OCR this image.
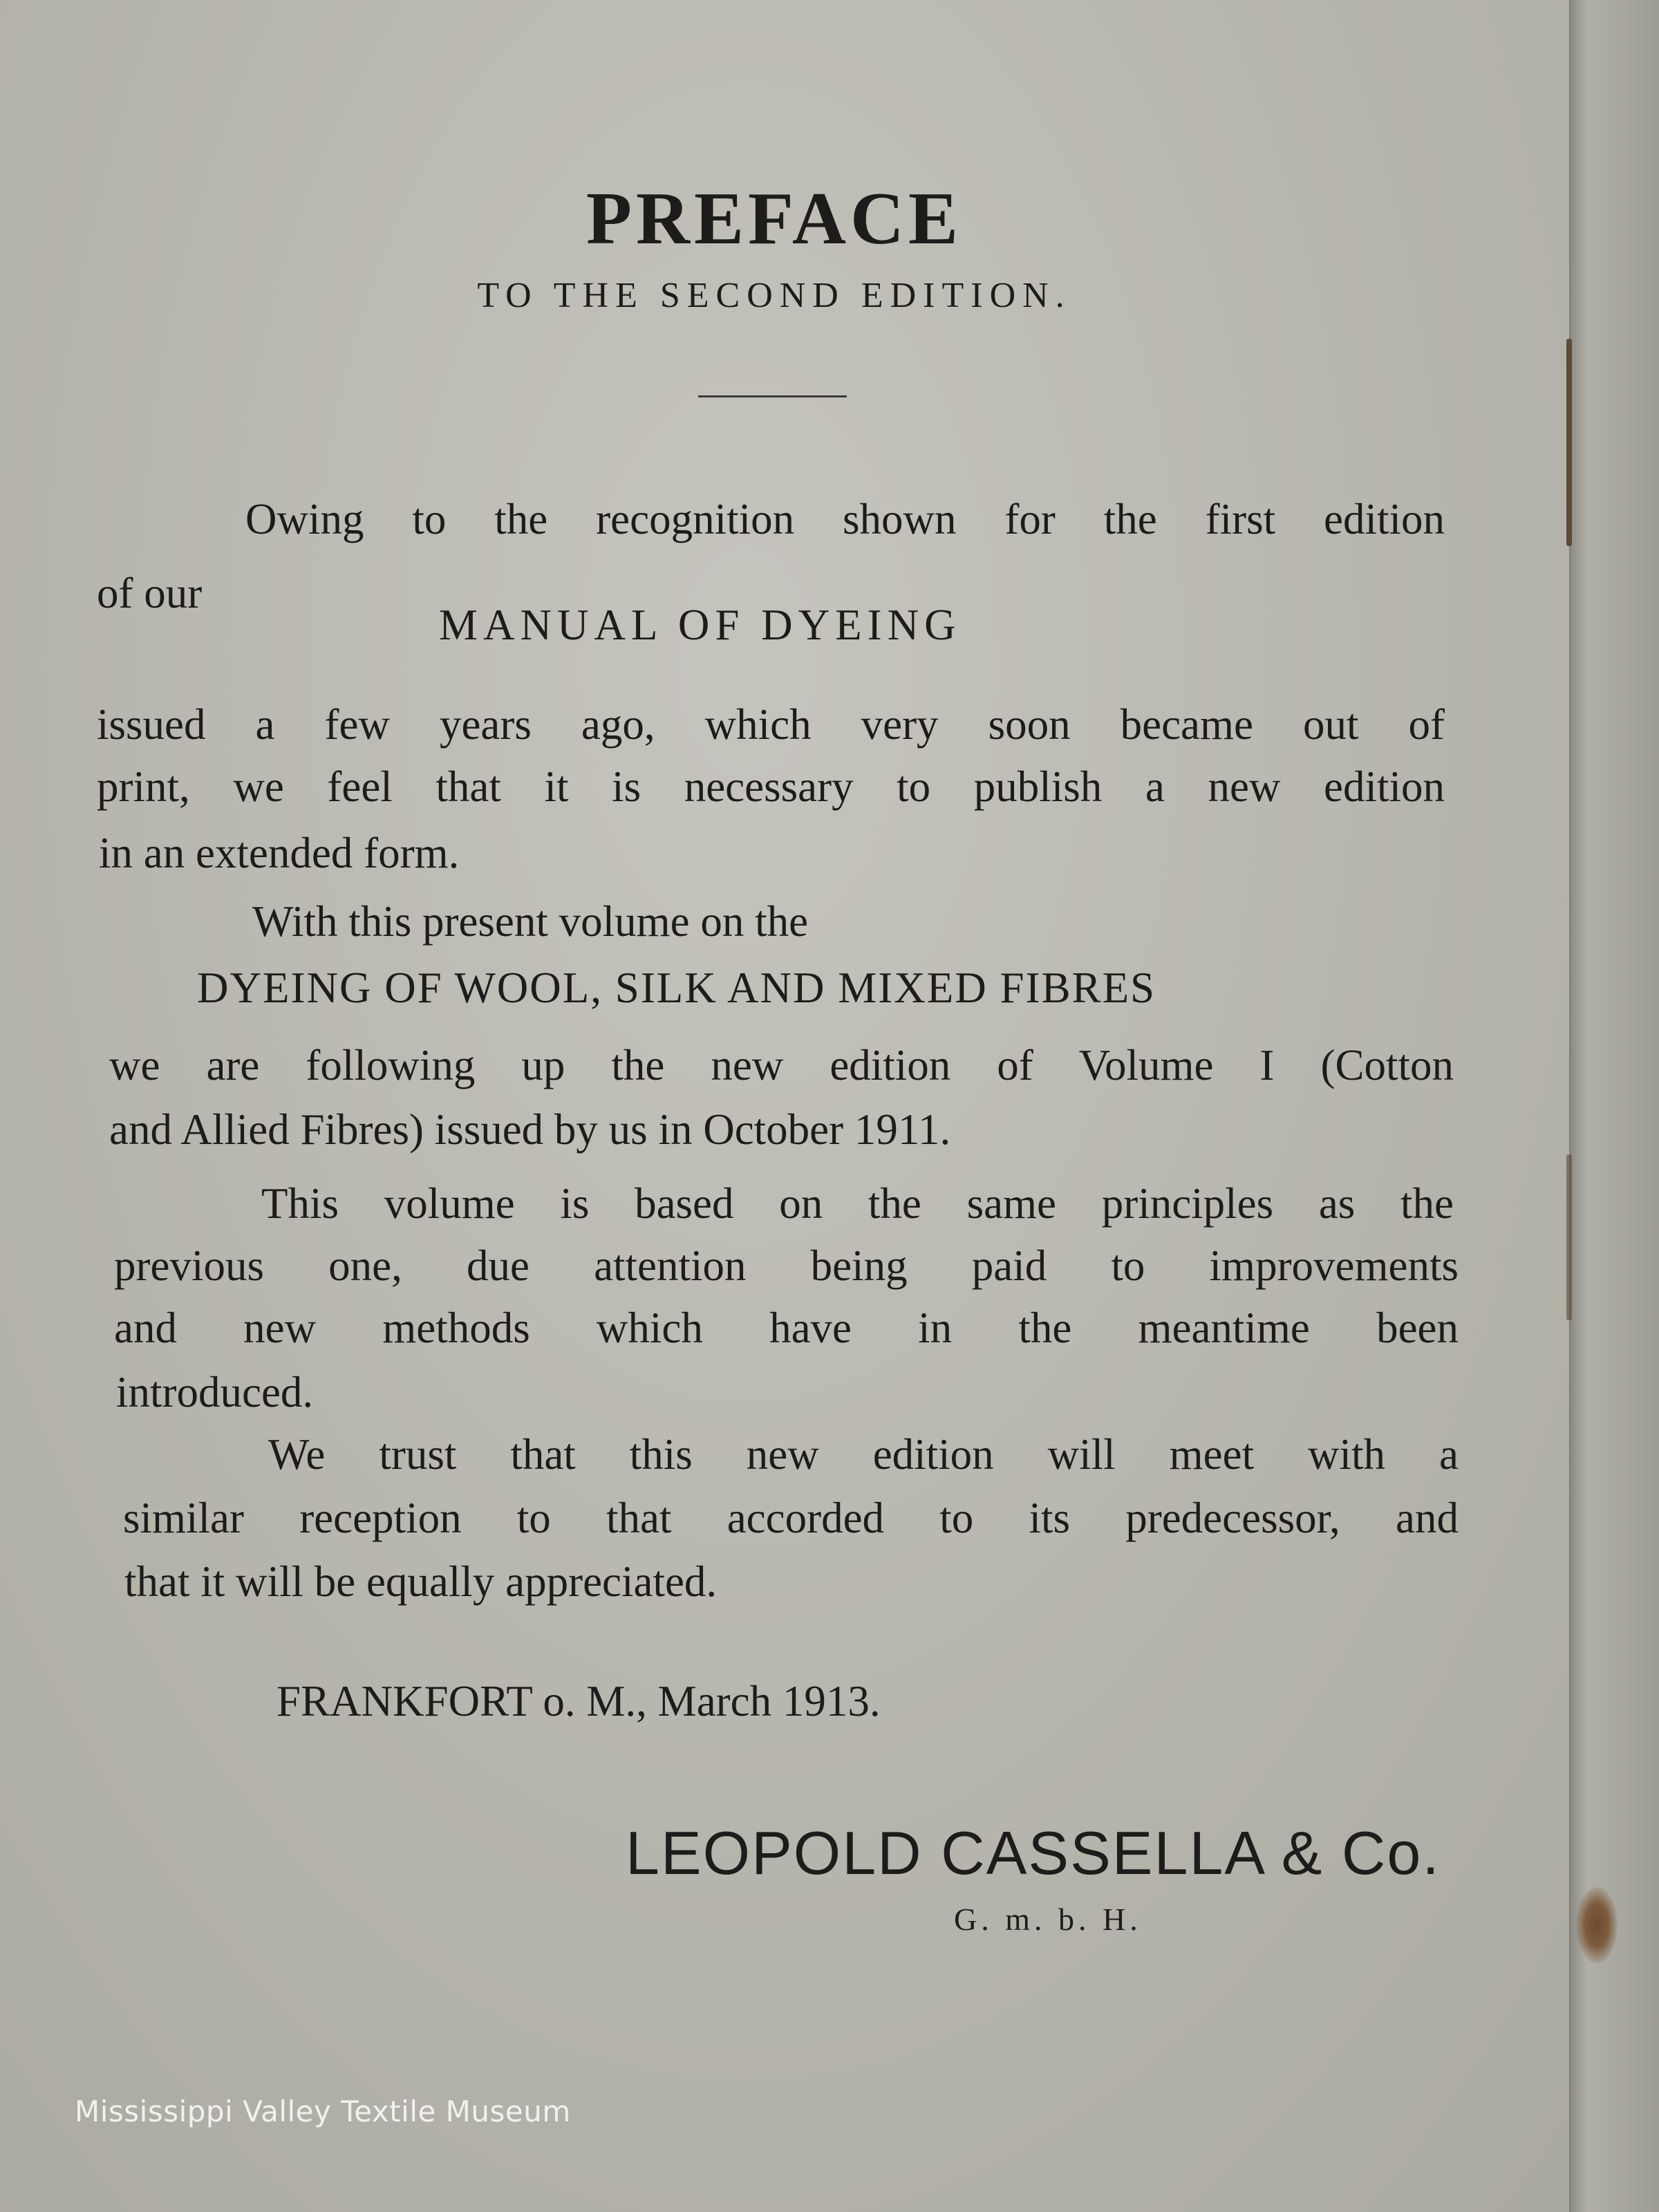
PREFACE

TO THE SECOND EDITION.

Owing to the recognition shown for the first edition

of our

MANUAL OF DYEING

issued a few years ago, which very soon became out of

print, we feel that it is necessary to publish a new edition

in an extended form.

With this present volume on the

DYEING OF WOOL, SILK AND MIXED FIBRES

we are following up the new edition of Volume I (Cotton

and Allied Fibres) issued by us in October 1911.

This volume is based on the same principles as the

previous one, due attention being paid to improvements

and new methods which have in the meantime been

introduced.

We trust that this new edition will meet with a

similar reception to that accorded to its predecessor, and

that it will be equally appreciated.

FRANKFORT o. M., March 1913.

LEOPOLD CASSELLA & Co.
G. m. b. H.
Mississippi Valley Textile Museum
